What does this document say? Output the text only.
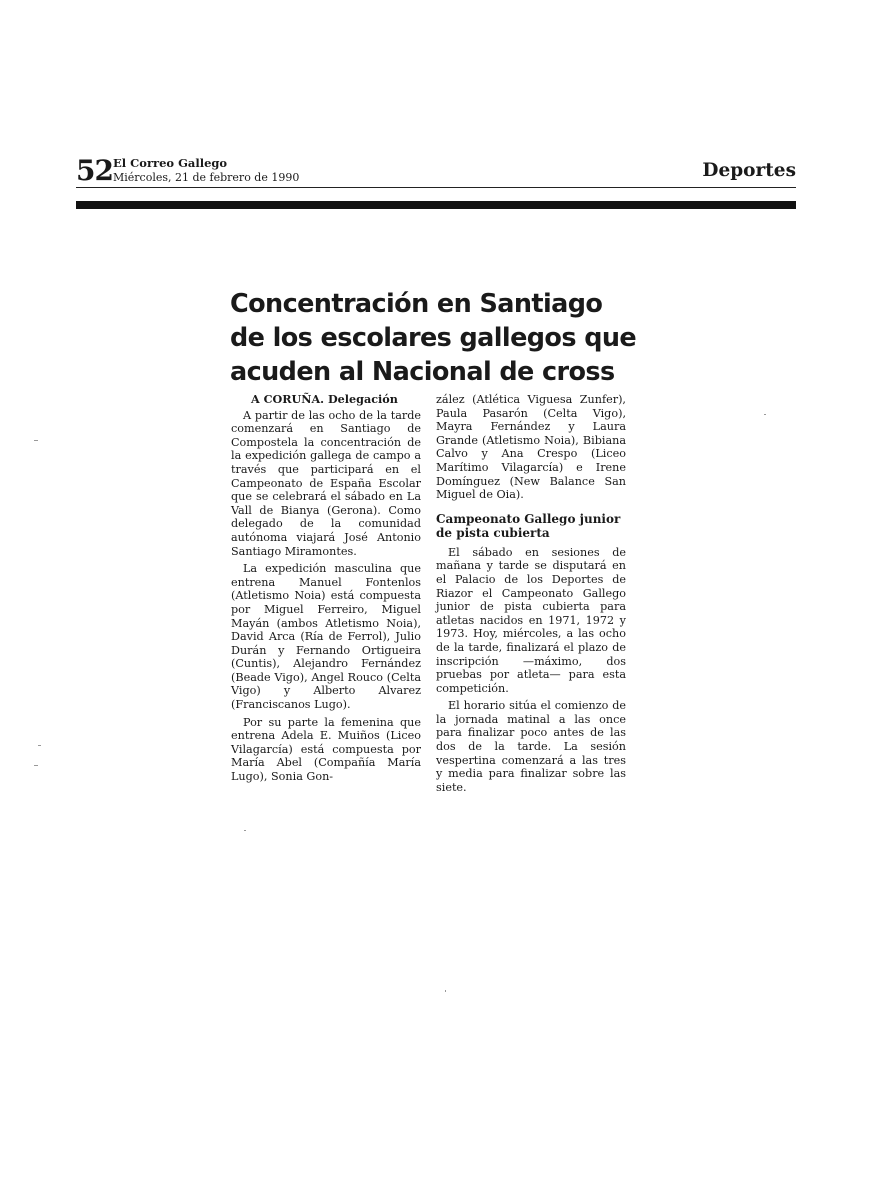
52 El Correo Gallego
Miércoles, 21 de febrero de 1990	Deportes
Concentración en Santiago
de los escolares gallegos que
acuden al Nacional de cross
A CORUÑA. Delegación

A partir de las ocho de la tarde comenzará en Santiago de Compostela la concentración de la expedición gallega de campo a través que participará en el Campeonato de España Escolar que se celebrará el sábado en La Vall de Bianya (Gerona). Como delegado de la comunidad autónoma viajará José Antonio Santiago Miramontes.

La expedición masculina que entrena Manuel Fontenlos (Atletismo Noia) está compuesta por Miguel Ferreiro, Miguel Mayán (ambos Atletismo Noia), David Arca (Ría de Ferrol), Julio Durán y Fernando Ortigueira (Cuntis), Alejandro Fernández (Beade Vigo), Angel Rouco (Celta Vigo) y Alberto Alvarez (Franciscanos Lugo).

Por su parte la femenina que entrena Adela E. Muiños (Liceo Vilagarcía) está compuesta por María Abel (Compañía María Lugo), Sonia Gon-

zález (Atlética Viguesa Zunfer), Paula Pasarón (Celta Vigo), Mayra Fernández y Laura Grande (Atletismo Noia), Bibiana Calvo y Ana Crespo (Liceo Marítimo Vilagarcía) e Irene Domínguez (New Balance San Miguel de Oia).

Campeonato Gallego junior de pista cubierta

El sábado en sesiones de mañana y tarde se disputará en el Palacio de los Deportes de Riazor el Campeonato Gallego junior de pista cubierta para atletas nacidos en 1971, 1972 y 1973. Hoy, miércoles, a las ocho de la tarde, finalizará el plazo de inscripción —máximo, dos pruebas por atleta— para esta competición.

El horario sitúa el comienzo de la jornada matinal a las once para finalizar poco antes de las dos de la tarde. La sesión vespertina comenzará a las tres y media para finalizar sobre las siete.
